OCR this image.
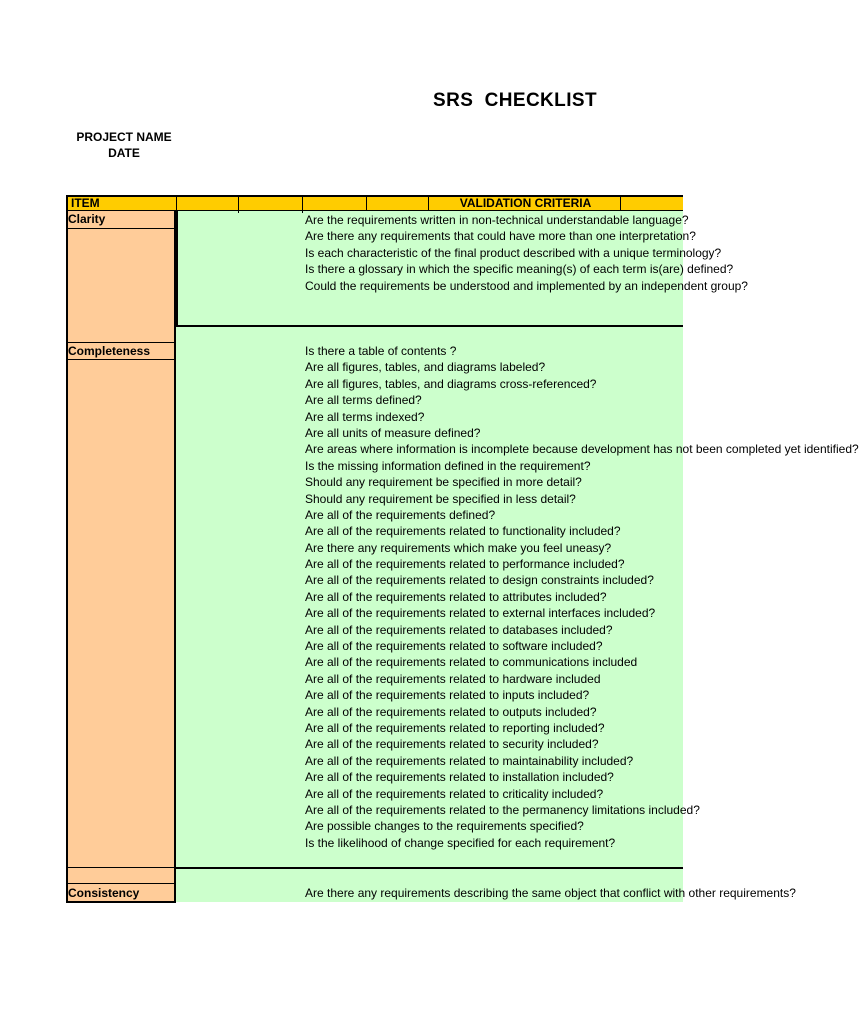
SRS  CHECKLIST
PROJECT NAME
DATE
ITEM	VALIDATION CRITERIA
Clarity	Are the requirements written in non-technical understandable language?
Are there any requirements that could have more than one interpretation?
Is each characteristic of the final product described with a unique terminology?
Is there a glossary in which the specific meaning(s) of each term is(are) defined?
Could the requirements be understood and implemented by an independent group?
Completeness	Is there a table of contents ?
Are all figures, tables, and diagrams labeled?
Are all figures, tables, and diagrams cross-referenced?
Are all terms defined?
Are all terms indexed?
Are all units of measure defined?
Are areas where information is incomplete because development has not been completed yet identified?
Is the missing information defined in the requirement?
Should any requirement be specified in more detail?
Should any requirement be specified in less detail?
Are all of the requirements defined?
Are all of the requirements related to functionality included?
Are there any requirements which make you feel uneasy?
Are all of the requirements related to performance included?
Are all of the requirements related to design constraints included?
Are all of the requirements related to attributes included?
Are all of the requirements related to external interfaces included?
Are all of the requirements related to databases included?
Are all of the requirements related to software included?
Are all of the requirements related to communications included
Are all of the requirements related to hardware included
Are all of the requirements related to inputs included?
Are all of the requirements related to outputs included?
Are all of the requirements related to reporting included?
Are all of the requirements related to security included?
Are all of the requirements related to maintainability included?
Are all of the requirements related to installation included?
Are all of the requirements related to criticality included?
Are all of the requirements related to the permanency limitations included?
Are possible changes to the requirements specified?
Is the likelihood of change specified for each requirement?
Consistency	Are there any requirements describing the same object that conflict with other requirements?
